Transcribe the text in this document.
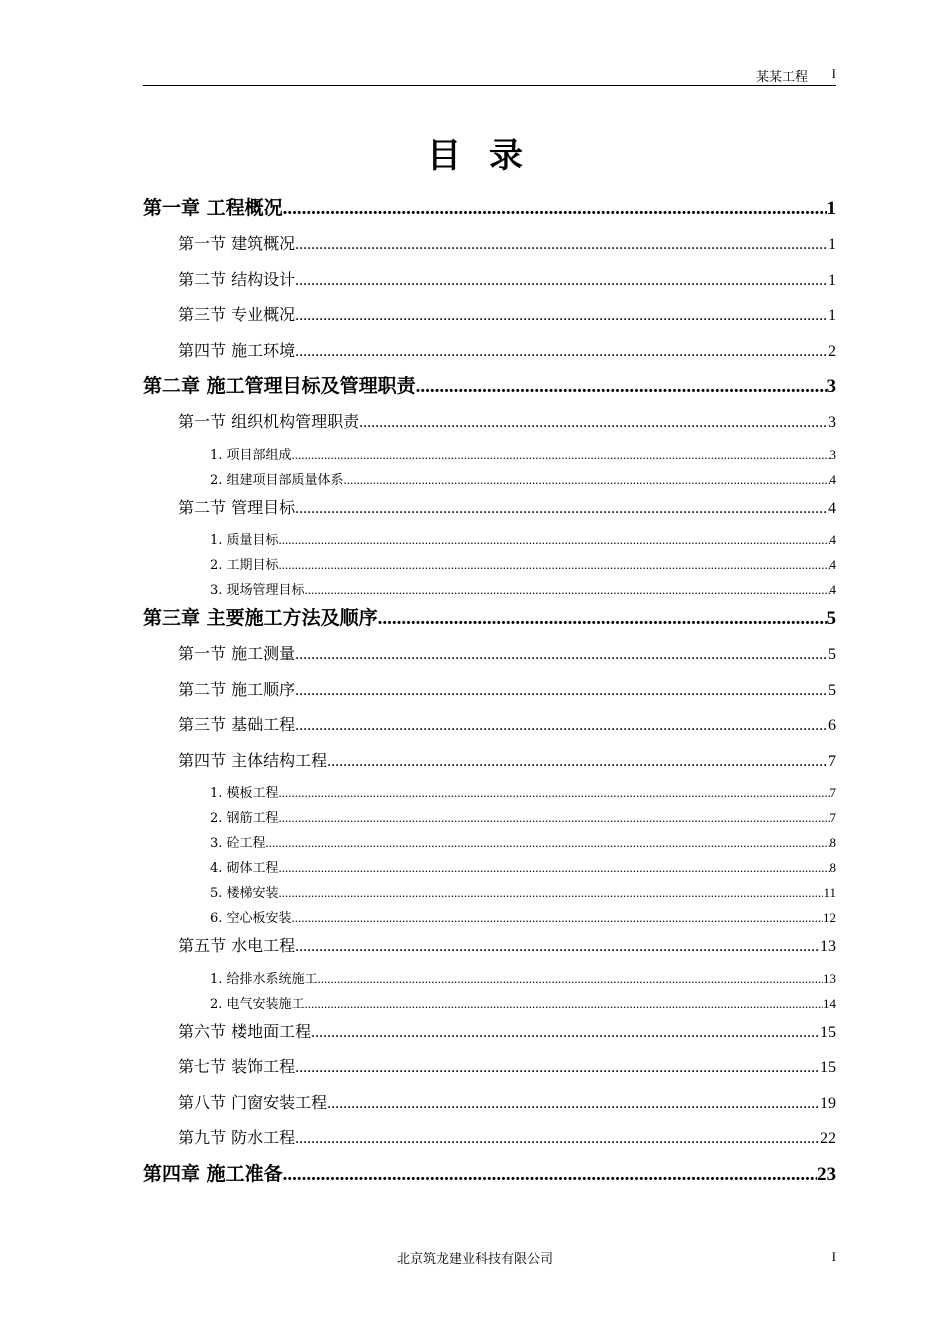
某某工程 I
目录
第一章 工程概况 .....	1
第一节 建筑概况 .....	1
第二节 结构设计 .....	1
第三节 专业概况 .....	1
第四节 施工环境 .....	2
第二章 施工管理目标及管理职责 .....	3
第一节 组织机构管理职责 .....	3
1. 项目部组成 .....	3
2. 组建项目部质量体系 .....	4
第二节 管理目标 .....	4
1. 质量目标 .....	4
2. 工期目标 .....	4
3. 现场管理目标 .....	4
第三章 主要施工方法及顺序 .....	5
第一节 施工测量 .....	5
第二节 施工顺序 .....	5
第三节 基础工程 .....	6
第四节 主体结构工程 .....	7
1. 模板工程 .....	7
2. 钢筋工程 .....	7
3. 砼工程 .....	8
4. 砌体工程 .....	8
5. 楼梯安装 .....	11
6. 空心板安装 .....	12
第五节 水电工程 .....	13
1. 给排水系统施工 .....	13
2. 电气安装施工 .....	14
第六节 楼地面工程 .....	15
第七节 装饰工程 .....	15
第八节 门窗安装工程 .....	19
第九节 防水工程 .....	22
第四章 施工准备 .....	23
北京筑龙建业科技有限公司	I
